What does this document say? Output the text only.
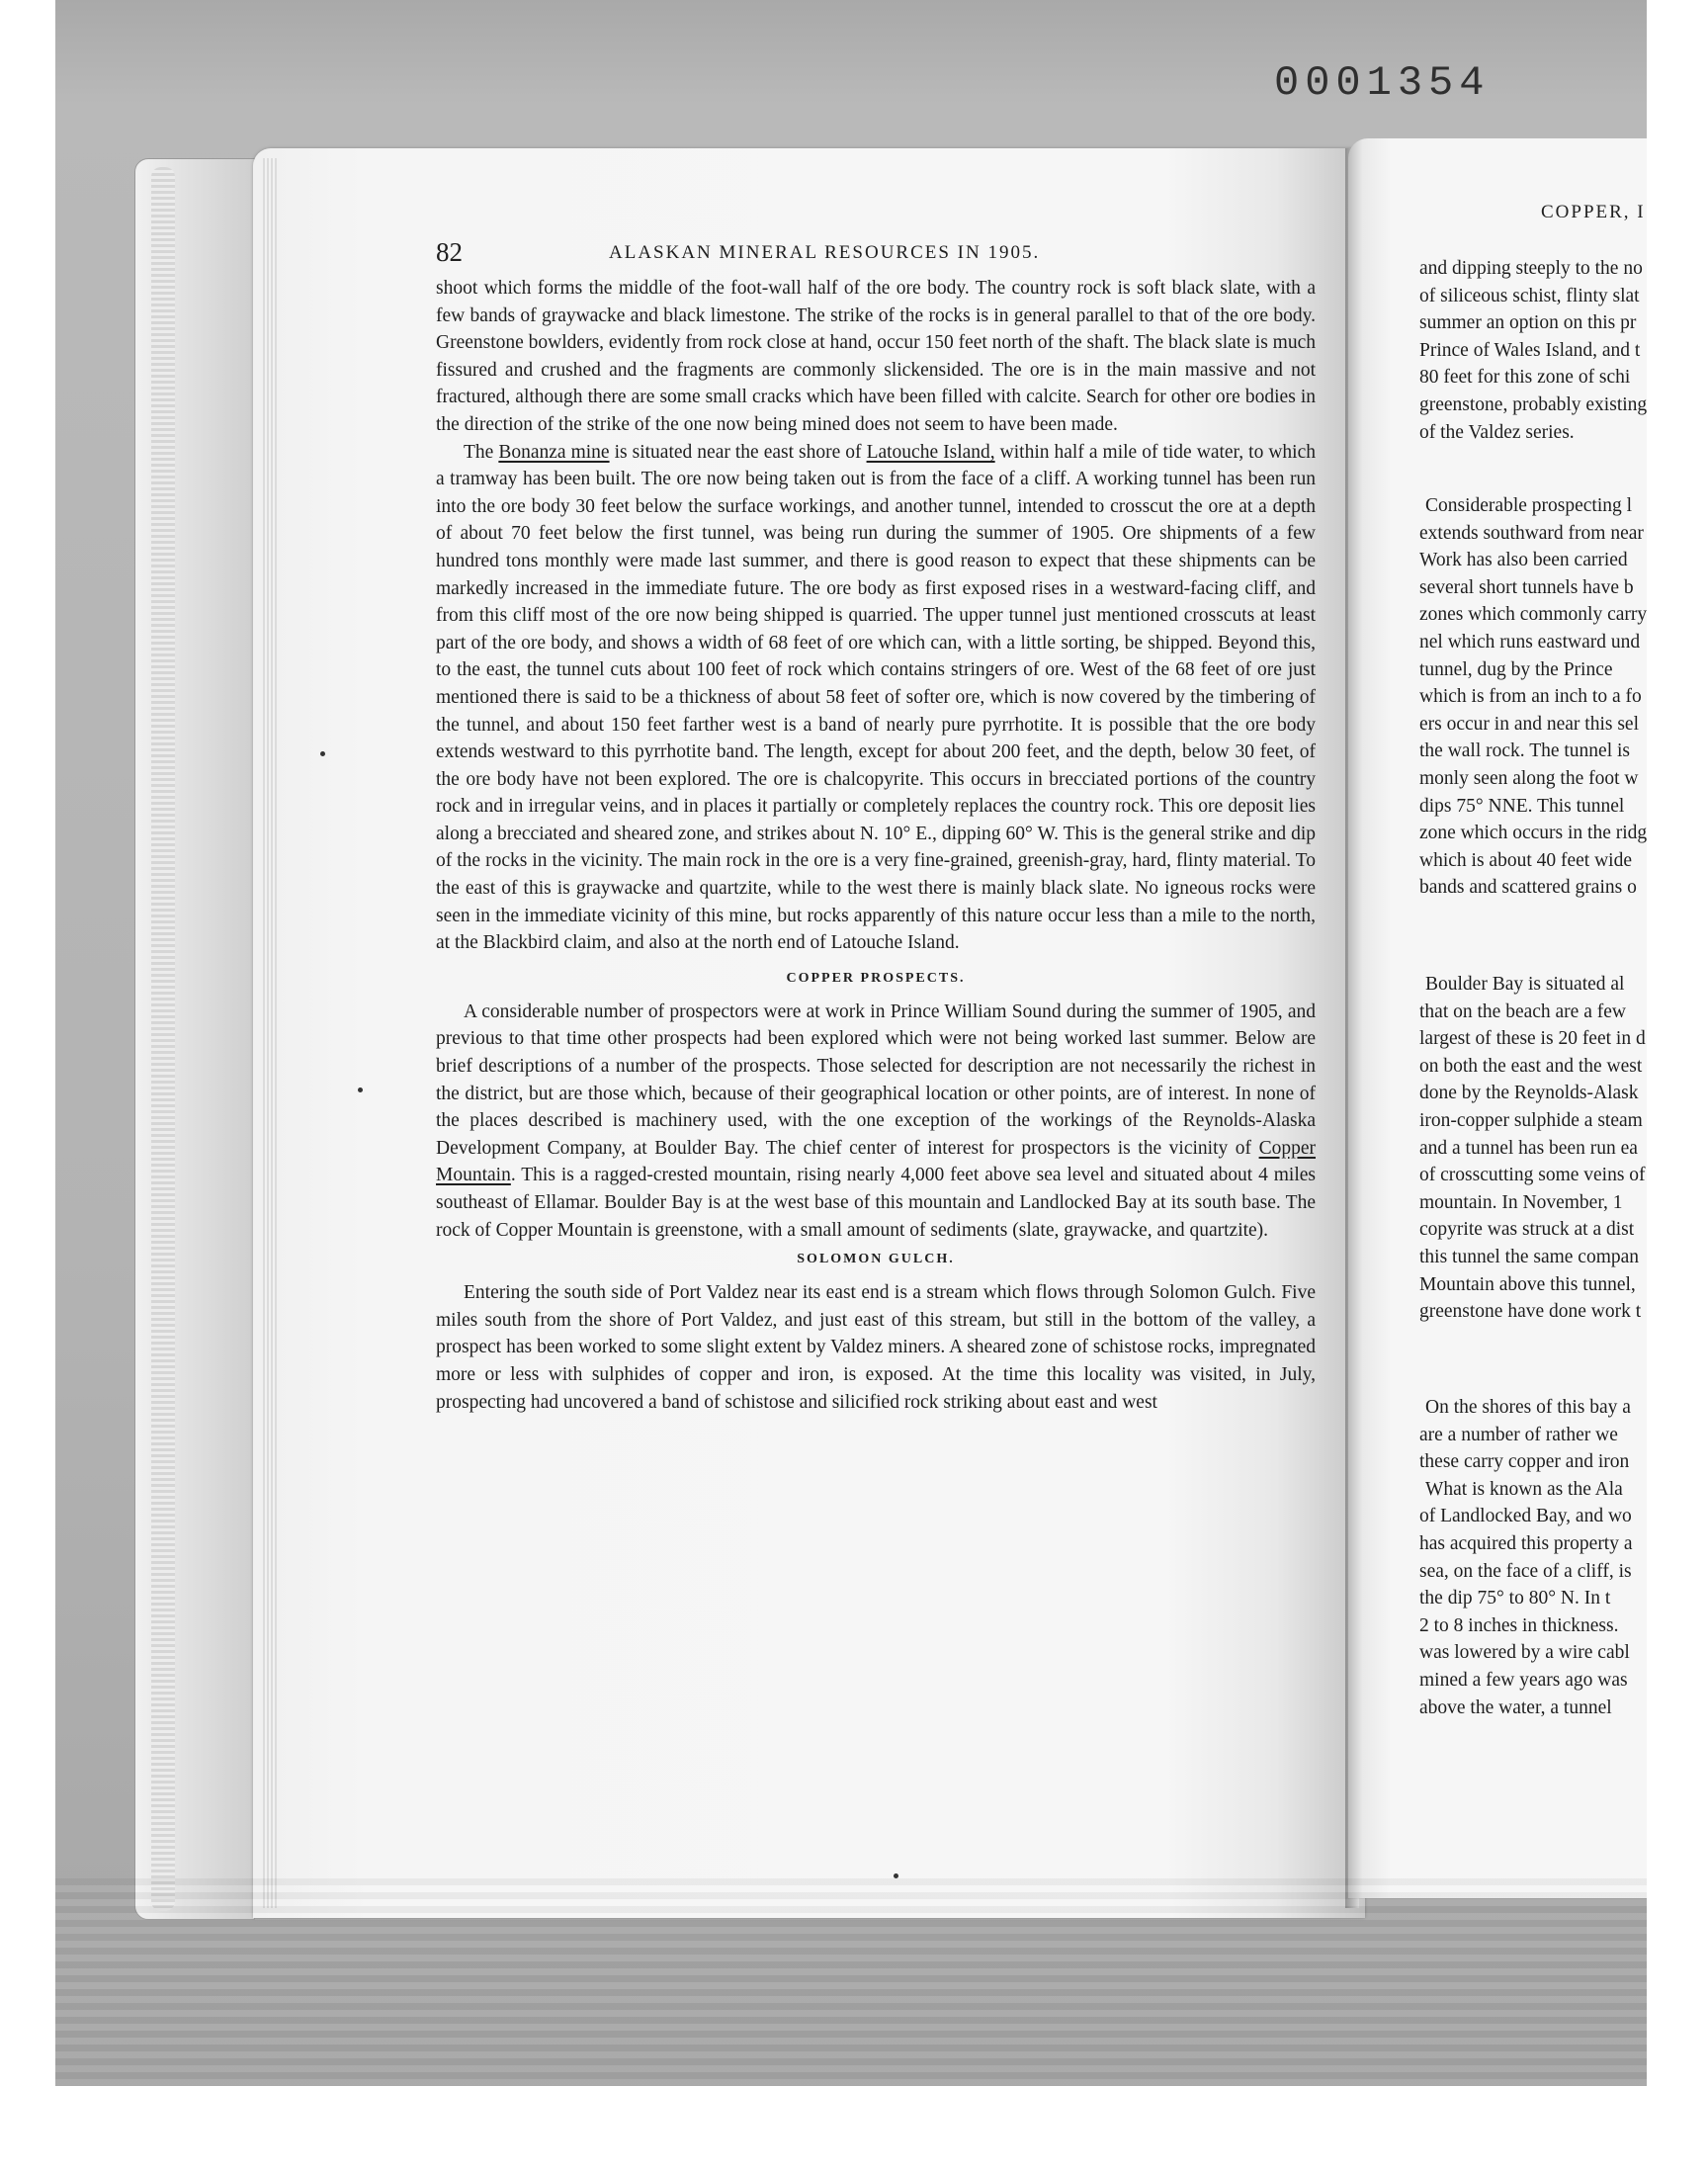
0001354

82	ALASKAN MINERAL RESOURCES IN 1905.

shoot which forms the middle of the foot-wall half of the ore body. The country rock is soft black slate, with a few bands of graywacke and black limestone. The strike of the rocks is in general parallel to that of the ore body. Greenstone bowlders, evidently from rock close at hand, occur 150 feet north of the shaft. The black slate is much fissured and crushed and the fragments are commonly slickensided. The ore is in the main massive and not fractured, although there are some small cracks which have been filled with calcite. Search for other ore bodies in the direction of the strike of the one now being mined does not seem to have been made.

The Bonanza mine is situated near the east shore of Latouche Island, within half a mile of tide water, to which a tramway has been built. The ore now being taken out is from the face of a cliff. A working tunnel has been run into the ore body 30 feet below the surface workings, and another tunnel, intended to crosscut the ore at a depth of about 70 feet below the first tunnel, was being run during the summer of 1905. Ore shipments of a few hundred tons monthly were made last summer, and there is good reason to expect that these shipments can be markedly increased in the immediate future. The ore body as first exposed rises in a westward-facing cliff, and from this cliff most of the ore now being shipped is quarried. The upper tunnel just mentioned crosscuts at least part of the ore body, and shows a width of 68 feet of ore which can, with a little sorting, be shipped. Beyond this, to the east, the tunnel cuts about 100 feet of rock which contains stringers of ore. West of the 68 feet of ore just mentioned there is said to be a thickness of about 58 feet of softer ore, which is now covered by the timbering of the tunnel, and about 150 feet farther west is a band of nearly pure pyrrhotite. It is possible that the ore body extends westward to this pyrrhotite band. The length, except for about 200 feet, and the depth, below 30 feet, of the ore body have not been explored. The ore is chalcopyrite. This occurs in brecciated portions of the country rock and in irregular veins, and in places it partially or completely replaces the country rock. This ore deposit lies along a brecciated and sheared zone, and strikes about N. 10° E., dipping 60° W. This is the general strike and dip of the rocks in the vicinity. The main rock in the ore is a very fine-grained, greenish-gray, hard, flinty material. To the east of this is graywacke and quartzite, while to the west there is mainly black slate. No igneous rocks were seen in the immediate vicinity of this mine, but rocks apparently of this nature occur less than a mile to the north, at the Blackbird claim, and also at the north end of Latouche Island.

COPPER PROSPECTS.

A considerable number of prospectors were at work in Prince William Sound during the summer of 1905, and previous to that time other prospects had been explored which were not being worked last summer. Below are brief descriptions of a number of the prospects. Those selected for description are not necessarily the richest in the district, but are those which, because of their geographical location or other points, are of interest. In none of the places described is machinery used, with the one exception of the workings of the Reynolds-Alaska Development Company, at Boulder Bay. The chief center of interest for prospectors is the vicinity of Copper Mountain. This is a ragged-crested mountain, rising nearly 4,000 feet above sea level and situated about 4 miles southeast of Ellamar. Boulder Bay is at the west base of this mountain and Landlocked Bay at its south base. The rock of Copper Mountain is greenstone, with a small amount of sediments (slate, graywacke, and quartzite).

SOLOMON GULCH.

Entering the south side of Port Valdez near its east end is a stream which flows through Solomon Gulch. Five miles south from the shore of Port Valdez, and just east of this stream, but still in the bottom of the valley, a prospect has been worked to some slight extent by Valdez miners. A sheared zone of schistose rocks, impregnated more or less with sulphides of copper and iron, is exposed. At the time this locality was visited, in July, prospecting had uncovered a band of schistose and silicified rock striking about east and west

COPPER, I

and dipping steeply to the no

of siliceous schist, flinty slat

summer an option on this pr

Prince of Wales Island, and t

80 feet for this zone of schi

greenstone, probably existing

of the Valdez series.

Considerable prospecting l

extends southward from near

Work has also been carried

several short tunnels have b

zones which commonly carry

nel which runs eastward und

tunnel, dug by the Prince

which is from an inch to a fo

ers occur in and near this sel

the wall rock. The tunnel is

monly seen along the foot w

dips 75° NNE. This tunnel

zone which occurs in the ridg

which is about 40 feet wide

bands and scattered grains o

Boulder Bay is situated al

that on the beach are a few

largest of these is 20 feet in d

on both the east and the west

done by the Reynolds-Alask

iron-copper sulphide a steam

and a tunnel has been run ea

of crosscutting some veins of

mountain. In November, 1

copyrite was struck at a dist

this tunnel the same compan

Mountain above this tunnel,

greenstone have done work t

On the shores of this bay a

are a number of rather we

these carry copper and iron

What is known as the Ala

of Landlocked Bay, and wo

has acquired this property a

sea, on the face of a cliff, is

the dip 75° to 80° N. In t

2 to 8 inches in thickness.

was lowered by a wire cabl

mined a few years ago was

above the water, a tunnel
